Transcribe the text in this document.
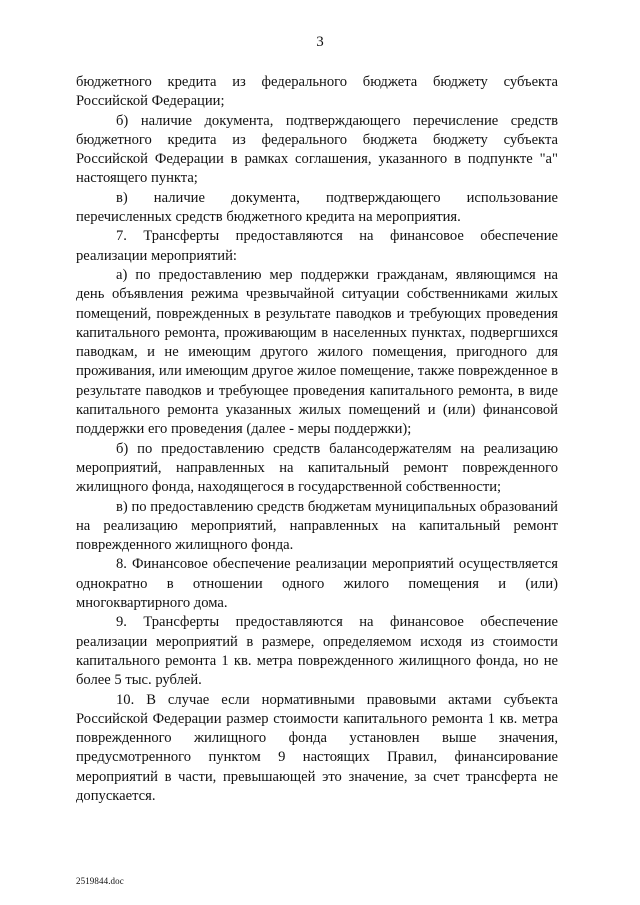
3

бюджетного кредита из федерального бюджета бюджету субъекта Российской Федерации;

б) наличие документа, подтверждающего перечисление средств бюджетного кредита из федерального бюджета бюджету субъекта Российской Федерации в рамках соглашения, указанного в подпункте "а" настоящего пункта;

в) наличие документа, подтверждающего использование перечисленных средств бюджетного кредита на мероприятия.

7. Трансферты предоставляются на финансовое обеспечение реализации мероприятий:

а) по предоставлению мер поддержки гражданам, являющимся на день объявления режима чрезвычайной ситуации собственниками жилых помещений, поврежденных в результате паводков и требующих проведения капитального ремонта, проживающим в населенных пунктах, подвергшихся паводкам, и не имеющим другого жилого помещения, пригодного для проживания, или имеющим другое жилое помещение, также поврежденное в результате паводков и требующее проведения капитального ремонта, в виде капитального ремонта указанных жилых помещений и (или) финансовой поддержки его проведения (далее - меры поддержки);

б) по предоставлению средств балансодержателям на реализацию мероприятий, направленных на капитальный ремонт поврежденного жилищного фонда, находящегося в государственной собственности;

в) по предоставлению средств бюджетам муниципальных образований на реализацию мероприятий, направленных на капитальный ремонт поврежденного жилищного фонда.

8. Финансовое обеспечение реализации мероприятий осуществляется однократно в отношении одного жилого помещения и (или) многоквартирного дома.

9. Трансферты предоставляются на финансовое обеспечение реализации мероприятий в размере, определяемом исходя из стоимости капитального ремонта 1 кв. метра поврежденного жилищного фонда, но не более 5 тыс. рублей.

10. В случае если нормативными правовыми актами субъекта Российской Федерации размер стоимости капитального ремонта 1 кв. метра поврежденного жилищного фонда установлен выше значения, предусмотренного пунктом 9 настоящих Правил, финансирование мероприятий в части, превышающей это значение, за счет трансферта не допускается.

2519844.doc
